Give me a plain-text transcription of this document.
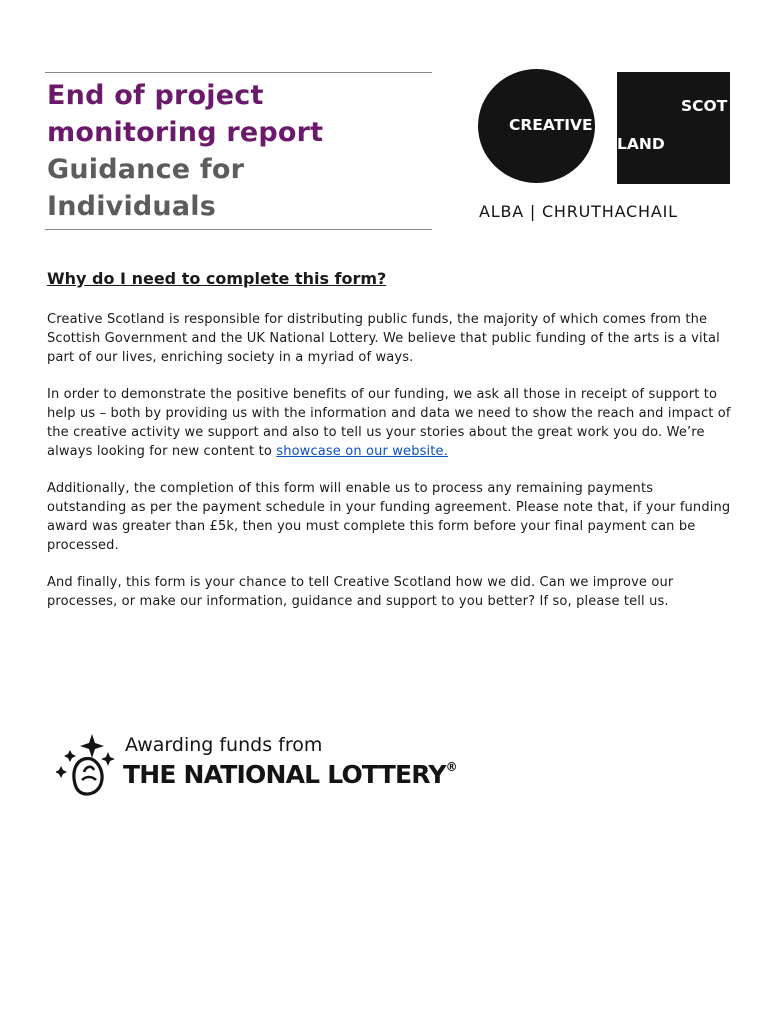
End of project
monitoring report
Guidance for
Individuals
CREATIVE
SCOT
LAND
ALBA | CHRUTHACHAIL
Why do I need to complete this form?

Creative Scotland is responsible for distributing public funds, the majority of which comes from the Scottish Government and the UK National Lottery. We believe that public funding of the arts is a vital part of our lives, enriching society in a myriad of ways.

In order to demonstrate the positive benefits of our funding, we ask all those in receipt of support to help us – both by providing us with the information and data we need to show the reach and impact of the creative activity we support and also to tell us your stories about the great work you do. We’re always looking for new content to showcase on our website.

Additionally, the completion of this form will enable us to process any remaining payments outstanding as per the payment schedule in your funding agreement. Please note that, if your funding award was greater than £5k, then you must complete this form before your final payment can be processed.

And finally, this form is your chance to tell Creative Scotland how we did. Can we improve our processes, or make our information, guidance and support to you better? If so, please tell us.

Awarding funds from
THE NATIONAL LOTTERY®
